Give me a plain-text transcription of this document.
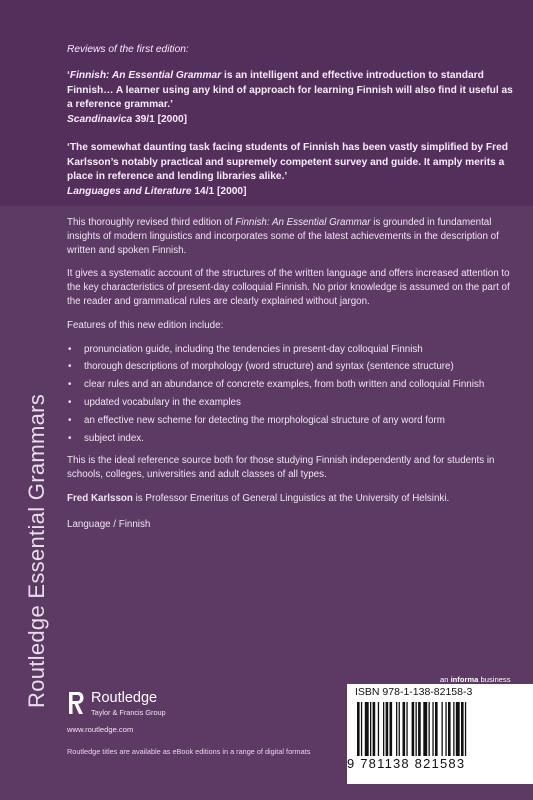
Reviews of the first edition:

‘Finnish: An Essential Grammar is an intelligent and effective introduction to standard Finnish… A learner using any kind of approach for learning Finnish will also find it useful as a reference grammar.’

Scandinavica 39/1 [2000]

‘The somewhat daunting task facing students of Finnish has been vastly simplified by Fred Karlsson’s notably practical and supremely competent survey and guide. It amply merits a place in reference and lending libraries alike.’

Languages and Literature 14/1 [2000]

This thoroughly revised third edition of Finnish: An Essential Grammar is grounded in fundamental insights of modern linguistics and incorporates some of the latest achievements in the description of written and spoken Finnish.

It gives a systematic account of the structures of the written language and offers increased attention to the key characteristics of present-day colloquial Finnish. No prior knowledge is assumed on the part of the reader and grammatical rules are clearly explained without jargon.

Features of this new edition include:

• pronunciation guide, including the tendencies in present-day colloquial Finnish
• thorough descriptions of morphology (word structure) and syntax (sentence structure)
• clear rules and an abundance of concrete examples, from both written and colloquial Finnish
• updated vocabulary in the examples
• an effective new scheme for detecting the morphological structure of any word form
• subject index.

This is the ideal reference source both for those studying Finnish independently and for students in schools, colleges, universities and adult classes of all types.

Fred Karlsson is Professor Emeritus of General Linguistics at the University of Helsinki.

Language / Finnish

Routledge Essential Grammars	Routledge
Taylor & Francis Group
www.routledge.com
Routledge titles are available as eBook editions in a range of digital formats
an informa business
ISBN 978-1-138-82158-3
9 781138 821583
